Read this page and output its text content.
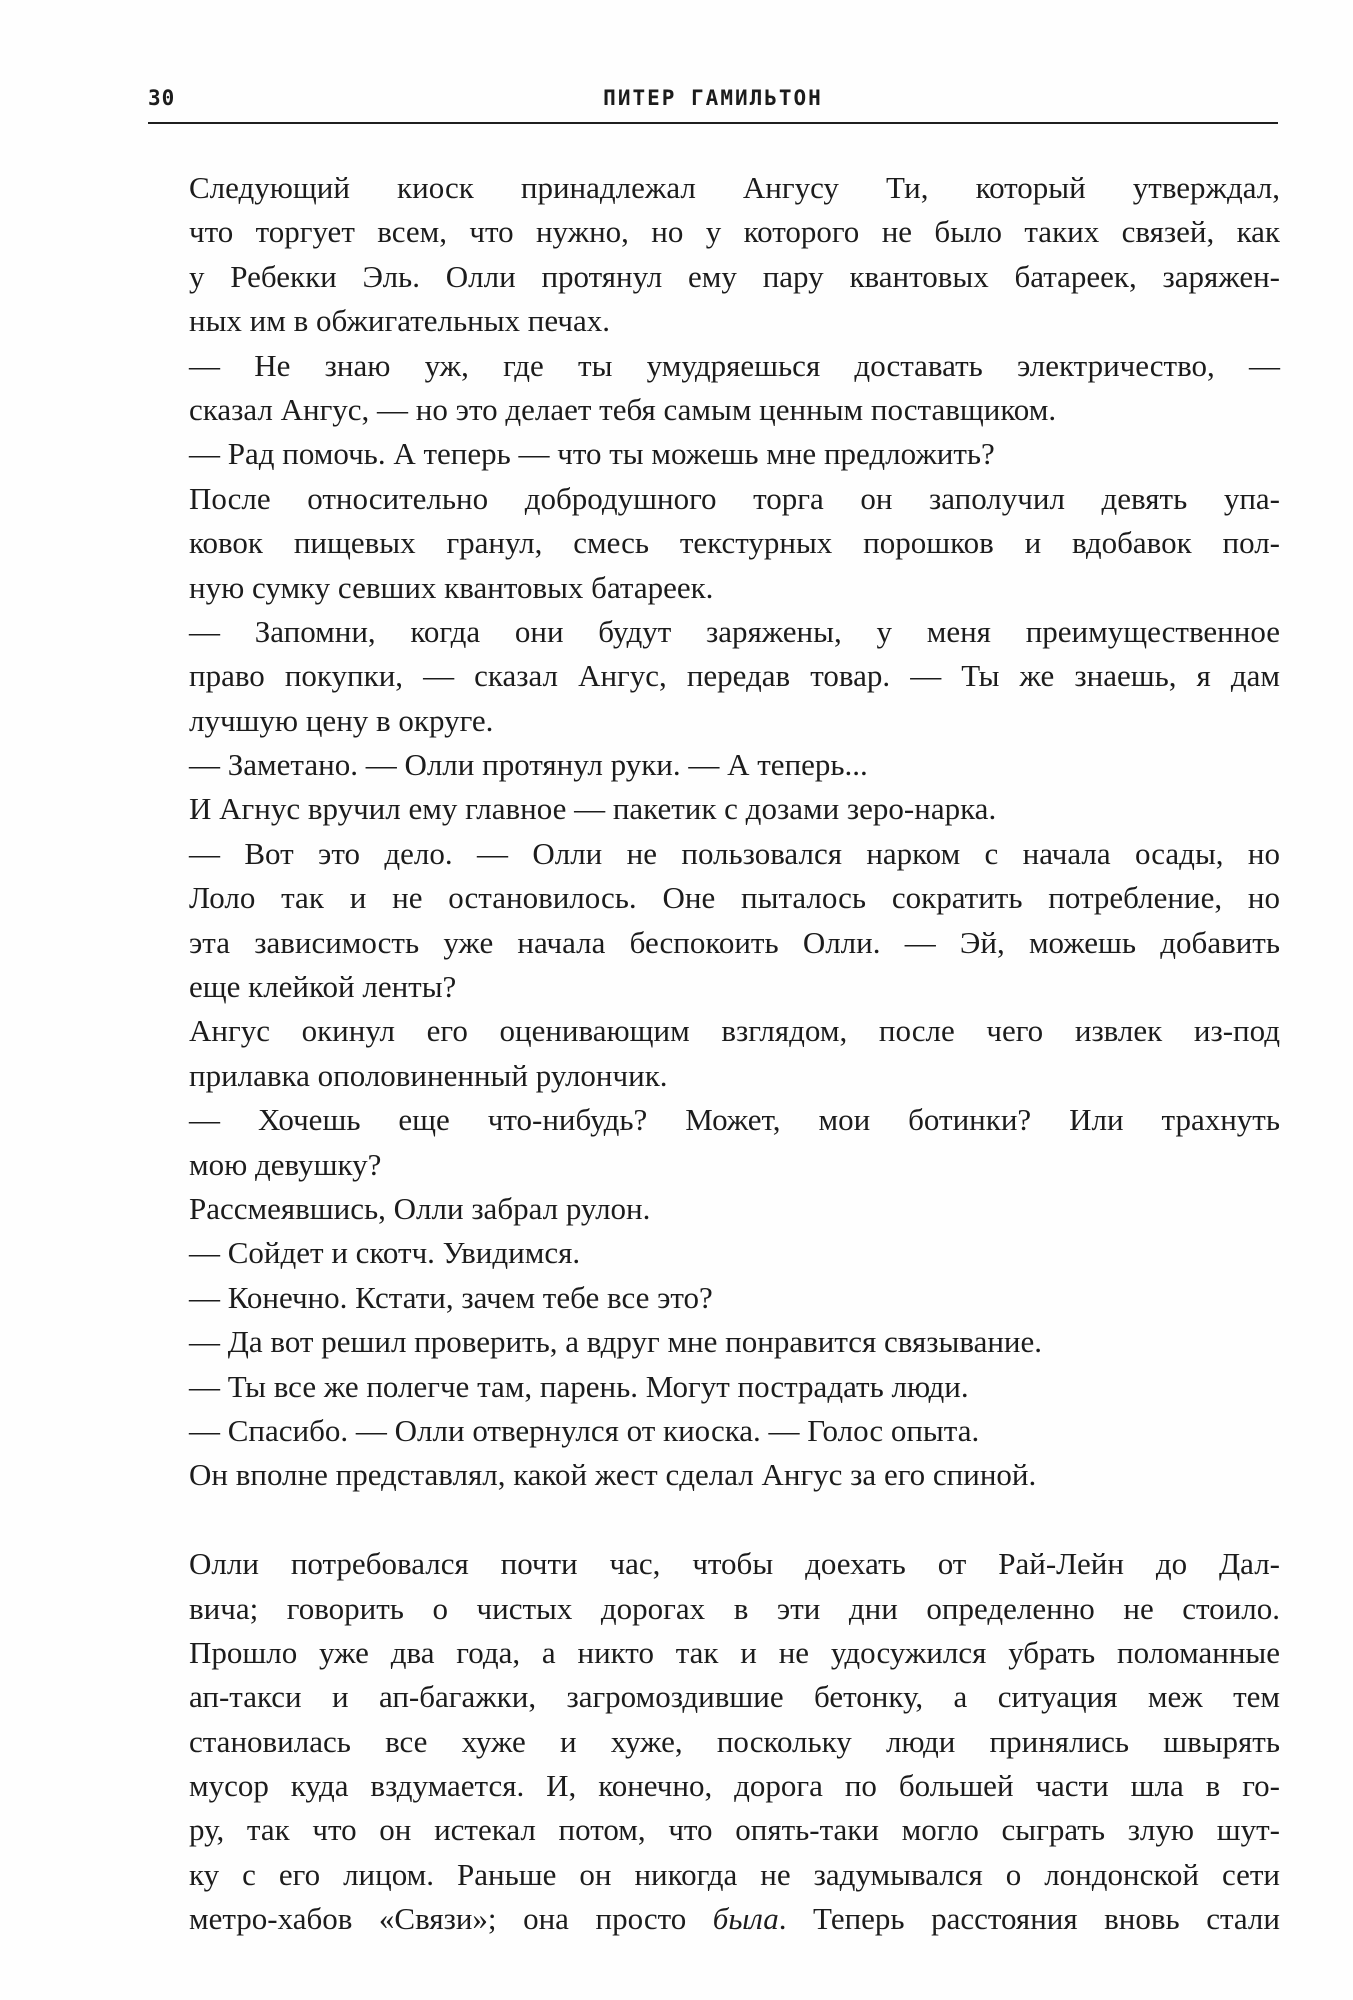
30	ПИТЕР ГАМИЛЬТОН
Следующий киоск принадлежал Ангусу Ти, который утверждал,
что торгует всем, что нужно, но у которого не было таких связей, как
у Ребекки Эль. Олли протянул ему пару квантовых батареек, заряжен-
ных им в обжигательных печах.
— Не знаю уж, где ты умудряешься доставать электричество, —
сказал Ангус, — но это делает тебя самым ценным поставщиком.
— Рад помочь. А теперь — что ты можешь мне предложить?
После относительно добродушного торга он заполучил девять упа-
ковок пищевых гранул, смесь текстурных порошков и вдобавок пол-
ную сумку севших квантовых батареек.
— Запомни, когда они будут заряжены, у меня преимущественное
право покупки, — сказал Ангус, передав товар. — Ты же знаешь, я дам
лучшую цену в округе.
— Заметано. — Олли протянул руки. — А теперь...
И Агнус вручил ему главное — пакетик с дозами зеро-нарка.
— Вот это дело. — Олли не пользовался нарком с начала осады, но
Лоло так и не остановилось. Оне пыталось сократить потребление, но
эта зависимость уже начала беспокоить Олли. — Эй, можешь добавить
еще клейкой ленты?
Ангус окинул его оценивающим взглядом, после чего извлек из-под
прилавка ополовиненный рулончик.
— Хочешь еще что-нибудь? Может, мои ботинки? Или трахнуть
мою девушку?
Рассмеявшись, Олли забрал рулон.
— Сойдет и скотч. Увидимся.
— Конечно. Кстати, зачем тебе все это?
— Да вот решил проверить, а вдруг мне понравится связывание.
— Ты все же полегче там, парень. Могут пострадать люди.
— Спасибо. — Олли отвернулся от киоска. — Голос опыта.
Он вполне представлял, какой жест сделал Ангус за его спиной.
Олли потребовался почти час, чтобы доехать от Рай-Лейн до Дал-
вича; говорить о чистых дорогах в эти дни определенно не стоило.
Прошло уже два года, а никто так и не удосужился убрать поломанные
ап-такси и ап-багажки, загромоздившие бетонку, а ситуация меж тем
становилась все хуже и хуже, поскольку люди принялись швырять
мусор куда вздумается. И, конечно, дорога по большей части шла в го-
ру, так что он истекал потом, что опять-таки могло сыграть злую шут-
ку с его лицом. Раньше он никогда не задумывался о лондонской сети
метро-хабов «Связи»; она просто была. Теперь расстояния вновь стали
